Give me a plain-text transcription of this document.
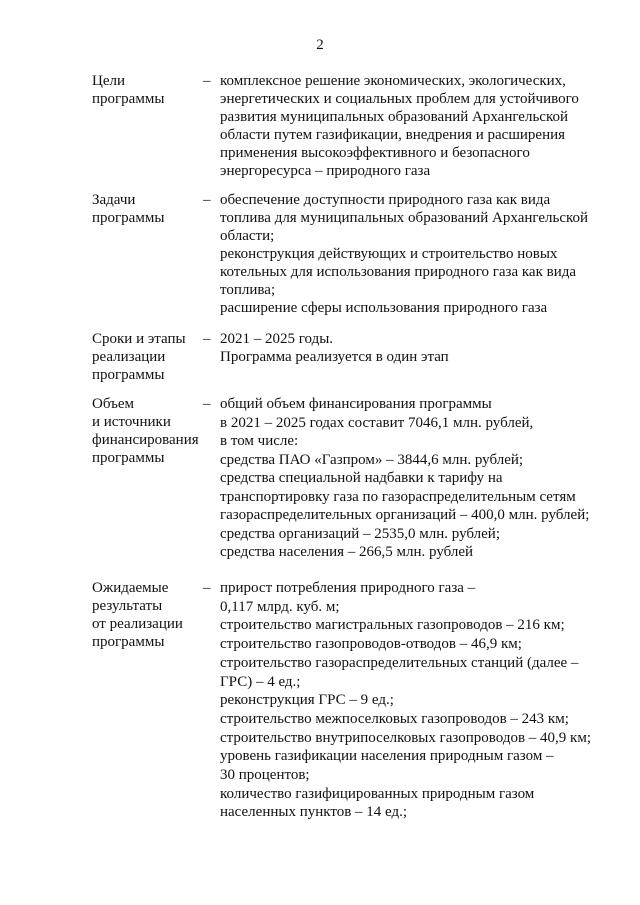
2
Цели
программы
– комплексное решение экономических, экологических,
энергетических и социальных проблем для устойчивого
развития муниципальных образований Архангельской
области путем газификации, внедрения и расширения
применения высокоэффективного и безопасного
энергоресурса – природного газа
Задачи
программы
– обеспечение доступности природного газа как вида
топлива для муниципальных образований Архангельской
области;
реконструкция действующих и строительство новых
котельных для использования природного газа как вида
топлива;
расширение сферы использования природного газа
Сроки и этапы
реализации
программы
– 2021 – 2025 годы.
Программа реализуется в один этап
Объем
и источники
финансирования
программы
– общий объем финансирования программы
в 2021 – 2025 годах составит 7046,1 млн. рублей,
в том числе:
средства ПАО «Газпром» – 3844,6 млн. рублей;
средства специальной надбавки к тарифу на
транспортировку газа по газораспределительным сетям
газораспределительных организаций – 400,0 млн. рублей;
средства организаций – 2535,0 млн. рублей;
средства населения – 266,5 млн. рублей
Ожидаемые
результаты
от реализации
программы
– прирост потребления природного газа –
0,117 млрд. куб. м;
строительство магистральных газопроводов – 216 км;
строительство газопроводов-отводов – 46,9 км;
строительство газораспределительных станций (далее –
ГРС) – 4 ед.;
реконструкция ГРС – 9 ед.;
строительство межпоселковых газопроводов – 243 км;
строительство внутрипоселковых газопроводов – 40,9 км;
уровень газификации населения природным газом –
30 процентов;
количество газифицированных природным газом
населенных пунктов – 14 ед.;
